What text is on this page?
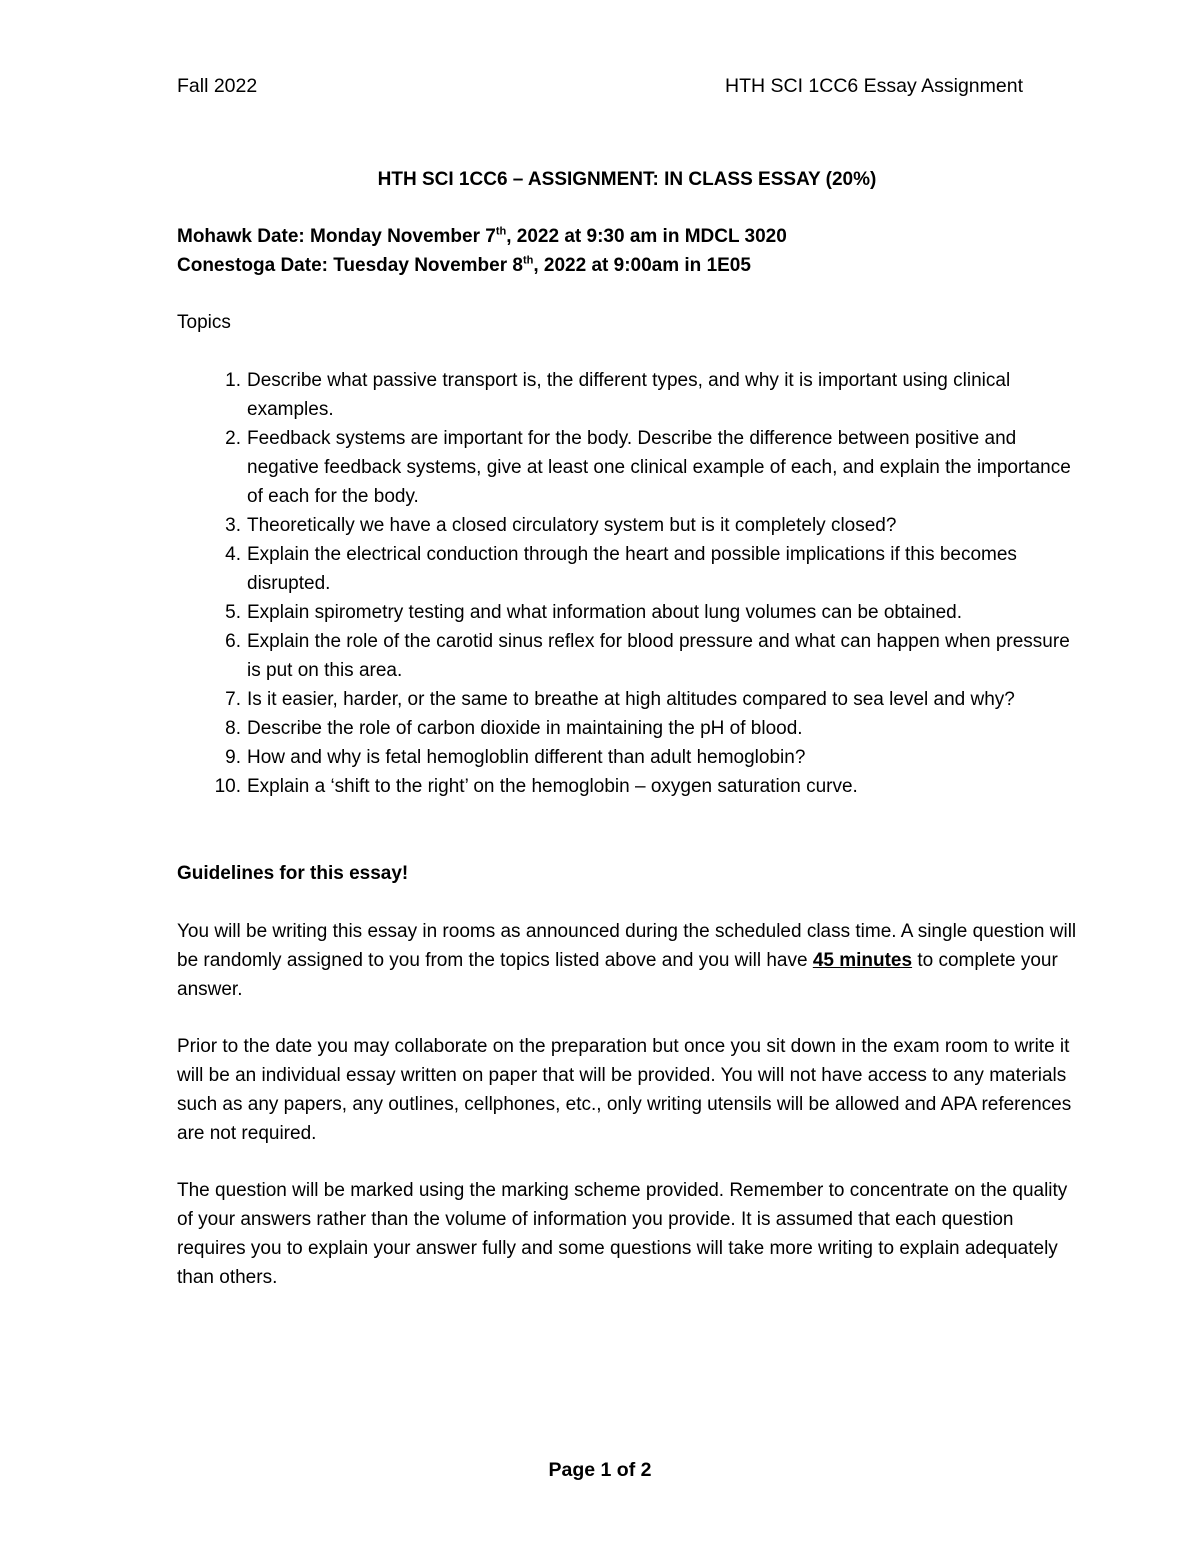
Fall 2022	HTH SCI 1CC6 Essay Assignment

HTH SCI 1CC6 – ASSIGNMENT: IN CLASS ESSAY (20%)

Mohawk Date: Monday November 7th, 2022 at 9:30 am in MDCL 3020

Conestoga Date: Tuesday November 8th, 2022 at 9:00am in 1E05

Topics

1. Describe what passive transport is, the different types, and why it is important using clinical examples.
2. Feedback systems are important for the body. Describe the difference between positive and negative feedback systems, give at least one clinical example of each, and explain the importance of each for the body.
3. Theoretically we have a closed circulatory system but is it completely closed?
4. Explain the electrical conduction through the heart and possible implications if this becomes disrupted.
5. Explain spirometry testing and what information about lung volumes can be obtained.
6. Explain the role of the carotid sinus reflex for blood pressure and what can happen when pressure is put on this area.
7. Is it easier, harder, or the same to breathe at high altitudes compared to sea level and why?
8. Describe the role of carbon dioxide in maintaining the pH of blood.
9. How and why is fetal hemogloblin different than adult hemoglobin?
10. Explain a ‘shift to the right’ on the hemoglobin – oxygen saturation curve.

Guidelines for this essay!

You will be writing this essay in rooms as announced during the scheduled class time. A single question will be randomly assigned to you from the topics listed above and you will have 45 minutes to complete your answer.

Prior to the date you may collaborate on the preparation but once you sit down in the exam room to write it will be an individual essay written on paper that will be provided. You will not have access to any materials such as any papers, any outlines, cellphones, etc., only writing utensils will be allowed and APA references are not required.

The question will be marked using the marking scheme provided. Remember to concentrate on the quality of your answers rather than the volume of information you provide. It is assumed that each question requires you to explain your answer fully and some questions will take more writing to explain adequately than others.

Page 1 of 2
